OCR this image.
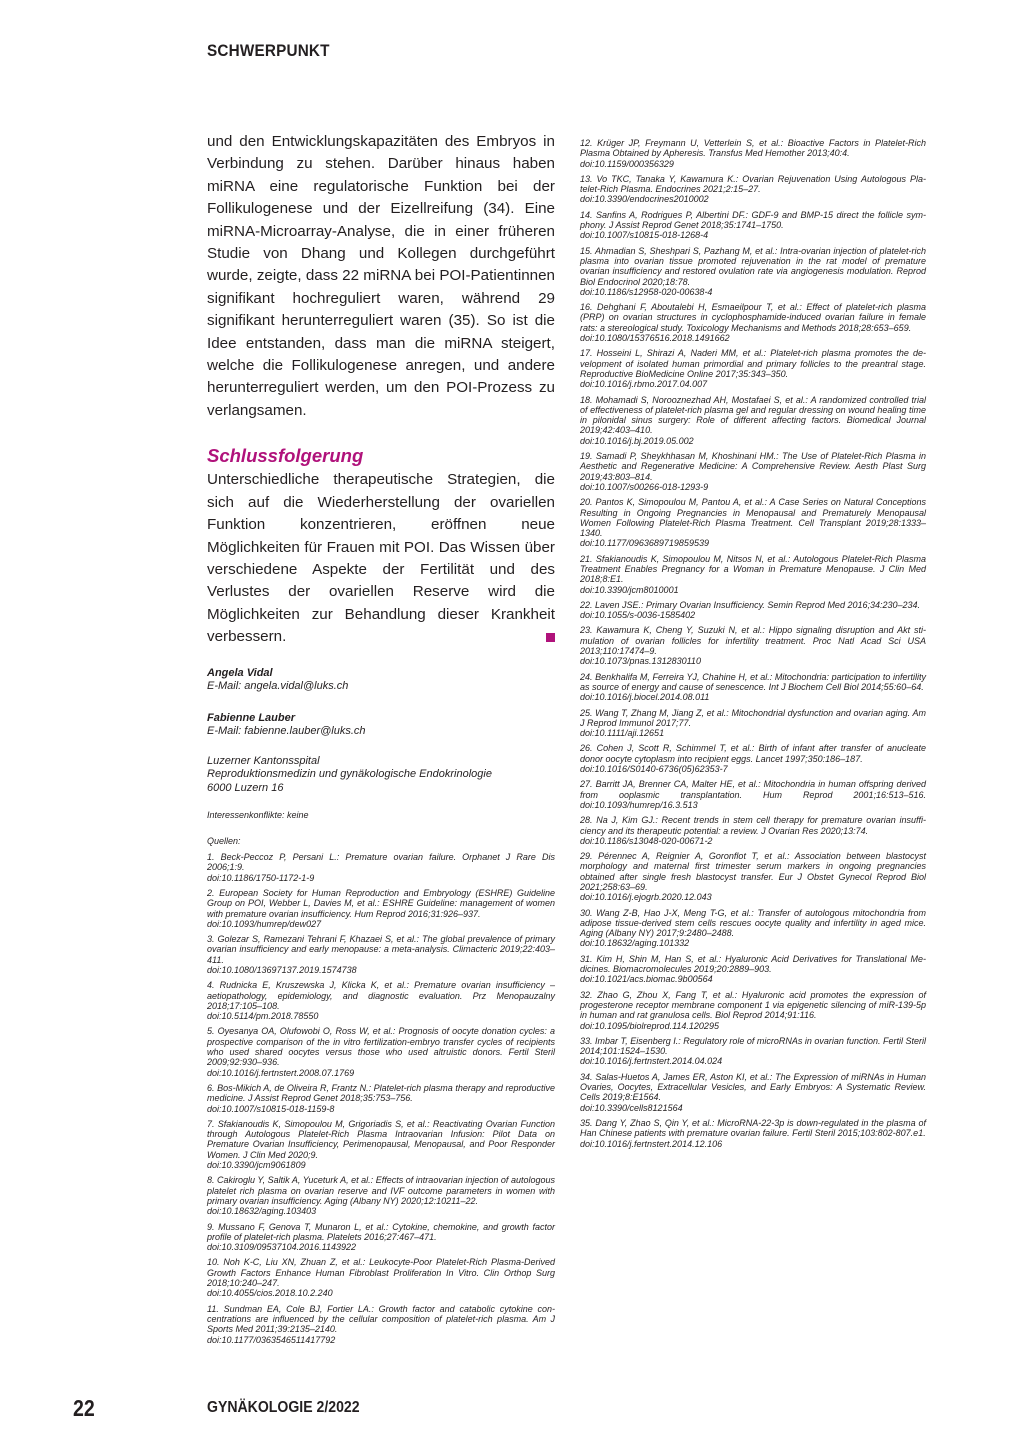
SCHWERPUNKT

und den Entwicklungskapazitäten des Embryos in Verbindung zu stehen. Darüber hinaus haben miRNA eine regulatorische Funktion bei der Follikulogenese und der Eizellreifung (34). Eine miRNA-Microarray-Analyse, die in einer früheren Studie von Dhang und Kollegen durchgeführt wurde, zeigte, dass 22 miRNA bei POI-Patientinnen signifikant hochreguliert waren, während 29 signifikant herunterreguliert waren (35). So ist die Idee entstanden, dass man die miRNA steigert, welche die Follikulogenese anregen, und andere herunterreguliert werden, um den POI-Prozess zu verlangsamen.

Schlussfolgerung

Unterschiedliche therapeutische Strategien, die sich auf die Wiederherstellung der ovariellen Funktion konzentrieren, eröffnen neue Möglichkeiten für Frauen mit POI. Das Wissen über verschiedene Aspekte der Fertilität und des Verlustes der ovariellen Reserve wird die Möglichkeiten zur Behandlung dieser Krankheit verbessern.

Angela Vidal
E-Mail: angela.vidal@luks.ch
Fabienne Lauber
E-Mail: fabienne.lauber@luks.ch
Luzerner Kantonsspital
Reproduktionsmedizin und gynäkologische Endokrinologie
6000 Luzern 16
Interessenkonflikte: keine
Quellen:
1. Beck-Peccoz P, Persani L.: Premature ovarian failure. Orphanet J Rare Dis 2006;1:9.
doi:10.1186/1750-1172-1-9
2. European Society for Human Reproduction and Embryology (ESHRE) Guideline Group on POI, Webber L, Davies M, et al.: ESHRE Guideline: management of women with premature ovarian insufficiency. Hum Reprod 2016;31:926–937.
doi:10.1093/humrep/dew027
3. Golezar S, Ramezani Tehrani F, Khazaei S, et al.: The global prevalence of primary ovarian insufficiency and early menopause: a meta-analysis. Climacteric 2019;22:403–411.
doi:10.1080/13697137.2019.1574738
4. Rudnicka E, Kruszewska J, Klicka K, et al.: Premature ovarian insufficiency – aetiopathology, epidemiology, and diagnostic evaluation. Prz Menopauzalny 2018;17:105–108.
doi:10.5114/pm.2018.78550
5. Oyesanya OA, Olufowobi O, Ross W, et al.: Prognosis of oocyte donation cycles: a prospective comparison of the in vitro fertilization-embryo transfer cycles of recipients who used shared oocytes versus those who used altruistic donors. Fertil Steril 2009;92:930–936.
doi:10.1016/j.fertnstert.2008.07.1769
6. Bos-Mikich A, de Oliveira R, Frantz N.: Platelet-rich plasma therapy and reproductive medicine. J Assist Reprod Genet 2018;35:753–756.
doi:10.1007/s10815-018-1159-8
7. Sfakianoudis K, Simopoulou M, Grigoriadis S, et al.: Reactivating Ovarian Function through Autologous Platelet-Rich Plasma Intraovarian Infusion: Pilot Data on Premature Ovarian Insufficiency, Perimenopausal, Menopausal, and Poor Responder Women. J Clin Med 2020;9.
doi:10.3390/jcm9061809
8. Cakiroglu Y, Saltik A, Yuceturk A, et al.: Effects of intraovarian injection of autologous platelet rich plasma on ovarian reserve and IVF outcome parameters in women with primary ovarian insufficiency. Aging (Albany NY) 2020;12:10211–22.
doi:10.18632/aging.103403
9. Mussano F, Genova T, Munaron L, et al.: Cytokine, chemokine, and growth factor profile of platelet-rich plasma. Platelets 2016;27:467–471.
doi:10.3109/09537104.2016.1143922
10. Noh K-C, Liu XN, Zhuan Z, et al.: Leukocyte-Poor Platelet-Rich Plasma-Derived Growth Factors Enhance Human Fibroblast Proliferation In Vitro. Clin Orthop Surg 2018;10:240–247.
doi:10.4055/cios.2018.10.2.240
11. Sundman EA, Cole BJ, Fortier LA.: Growth factor and catabolic cytokine concentrations are influenced by the cellular composition of platelet-rich plasma. Am J Sports Med 2011;39:2135–2140.
doi:10.1177/0363546511417792
12. Krüger JP, Freymann U, Vetterlein S, et al.: Bioactive Factors in Platelet-Rich Plasma Obtained by Apheresis. Transfus Med Hemother 2013;40:4.
doi:10.1159/000356329
13. Vo TKC, Tanaka Y, Kawamura K.: Ovarian Rejuvenation Using Autologous Platelet-Rich Plasma. Endocrines 2021;2:15–27.
doi:10.3390/endocrines2010002
14. Sanfins A, Rodrigues P, Albertini DF.: GDF-9 and BMP-15 direct the follicle symphony. J Assist Reprod Genet 2018;35:1741–1750.
doi:10.1007/s10815-018-1268-4
15. Ahmadian S, Sheshpari S, Pazhang M, et al.: Intra-ovarian injection of platelet-rich plasma into ovarian tissue promoted rejuvenation in the rat model of premature ovarian insufficiency and restored ovulation rate via angiogenesis modulation. Reprod Biol Endocrinol 2020;18:78.
doi:10.1186/s12958-020-00638-4
16. Dehghani F, Aboutalebi H, Esmaeilpour T, et al.: Effect of platelet-rich plasma (PRP) on ovarian structures in cyclophosphamide-induced ovarian failure in female rats: a stereological study. Toxicology Mechanisms and Methods 2018;28:653–659.
doi:10.1080/15376516.2018.1491662
17. Hosseini L, Shirazi A, Naderi MM, et al.: Platelet-rich plasma promotes the development of isolated human primordial and primary follicles to the preantral stage. Reproductive BioMedicine Online 2017;35:343–350.
doi:10.1016/j.rbmo.2017.04.007
18. Mohamadi S, Norooznezhad AH, Mostafaei S, et al.: A randomized controlled trial of effectiveness of platelet-rich plasma gel and regular dressing on wound healing time in pilonidal sinus surgery: Role of different affecting factors. Biomedical Journal 2019;42:403–410.
doi:10.1016/j.bj.2019.05.002
19. Samadi P, Sheykhhasan M, Khoshinani HM.: The Use of Platelet-Rich Plasma in Aesthetic and Regenerative Medicine: A Comprehensive Review. Aesth Plast Surg 2019;43:803–814.
doi:10.1007/s00266-018-1293-9
20. Pantos K, Simopoulou M, Pantou A, et al.: A Case Series on Natural Conceptions Resulting in Ongoing Pregnancies in Menopausal and Prematurely Menopausal Women Following Platelet-Rich Plasma Treatment. Cell Transplant 2019;28:1333–1340.
doi:10.1177/0963689719859539
21. Sfakianoudis K, Simopoulou M, Nitsos N, et al.: Autologous Platelet-Rich Plasma Treatment Enables Pregnancy for a Woman in Premature Menopause. J Clin Med 2018;8:E1.
doi:10.3390/jcm8010001
22. Laven JSE.: Primary Ovarian Insufficiency. Semin Reprod Med 2016;34:230–234.
doi:10.1055/s-0036-1585402
23. Kawamura K, Cheng Y, Suzuki N, et al.: Hippo signaling disruption and Akt stimulation of ovarian follicles for infertility treatment. Proc Natl Acad Sci USA 2013;110:17474–9.
doi:10.1073/pnas.1312830110
24. Benkhalifa M, Ferreira YJ, Chahine H, et al.: Mitochondria: participation to infertility as source of energy and cause of senescence. Int J Biochem Cell Biol 2014;55:60–64.
doi:10.1016/j.biocel.2014.08.011
25. Wang T, Zhang M, Jiang Z, et al.: Mitochondrial dysfunction and ovarian aging. Am J Reprod Immunol 2017;77.
doi:10.1111/aji.12651
26. Cohen J, Scott R, Schimmel T, et al.: Birth of infant after transfer of anucleate donor oocyte cytoplasm into recipient eggs. Lancet 1997;350:186–187.
doi:10.1016/S0140-6736(05)62353-7
27. Barritt JA, Brenner CA, Malter HE, et al.: Mitochondria in human offspring derived from ooplasmic transplantation. Hum Reprod 2001;16:513–516. doi:10.1093/humrep/16.3.513
28. Na J, Kim GJ.: Recent trends in stem cell therapy for premature ovarian insufficiency and its therapeutic potential: a review. J Ovarian Res 2020;13:74.
doi:10.1186/s13048-020-00671-2
29. Pérennec A, Reignier A, Goronflot T, et al.: Association between blastocyst morphology and maternal first trimester serum markers in ongoing pregnancies obtained after single fresh blastocyst transfer. Eur J Obstet Gynecol Reprod Biol 2021;258:63–69.
doi:10.1016/j.ejogrb.2020.12.043
30. Wang Z-B, Hao J-X, Meng T-G, et al.: Transfer of autologous mitochondria from adipose tissue-derived stem cells rescues oocyte quality and infertility in aged mice. Aging (Albany NY) 2017;9:2480–2488.
doi:10.18632/aging.101332
31. Kim H, Shin M, Han S, et al.: Hyaluronic Acid Derivatives for Translational Medicines. Biomacromolecules 2019;20:2889–903.
doi:10.1021/acs.biomac.9b00564
32. Zhao G, Zhou X, Fang T, et al.: Hyaluronic acid promotes the expression of progesterone receptor membrane component 1 via epigenetic silencing of miR-139-5p in human and rat granulosa cells. Biol Reprod 2014;91:116.
doi:10.1095/biolreprod.114.120295
33. Imbar T, Eisenberg I.: Regulatory role of microRNAs in ovarian function. Fertil Steril 2014;101:1524–1530.
doi:10.1016/j.fertnstert.2014.04.024
34. Salas-Huetos A, James ER, Aston KI, et al.: The Expression of miRNAs in Human Ovaries, Oocytes, Extracellular Vesicles, and Early Embryos: A Systematic Review. Cells 2019;8:E1564.
doi:10.3390/cells8121564
35. Dang Y, Zhao S, Qin Y, et al.: MicroRNA-22-3p is down-regulated in the plasma of Han Chinese patients with premature ovarian failure. Fertil Steril 2015;103:802-807.e1.
doi:10.1016/j.fertnstert.2014.12.106
22	GYNÄKOLOGIE 2/2022
